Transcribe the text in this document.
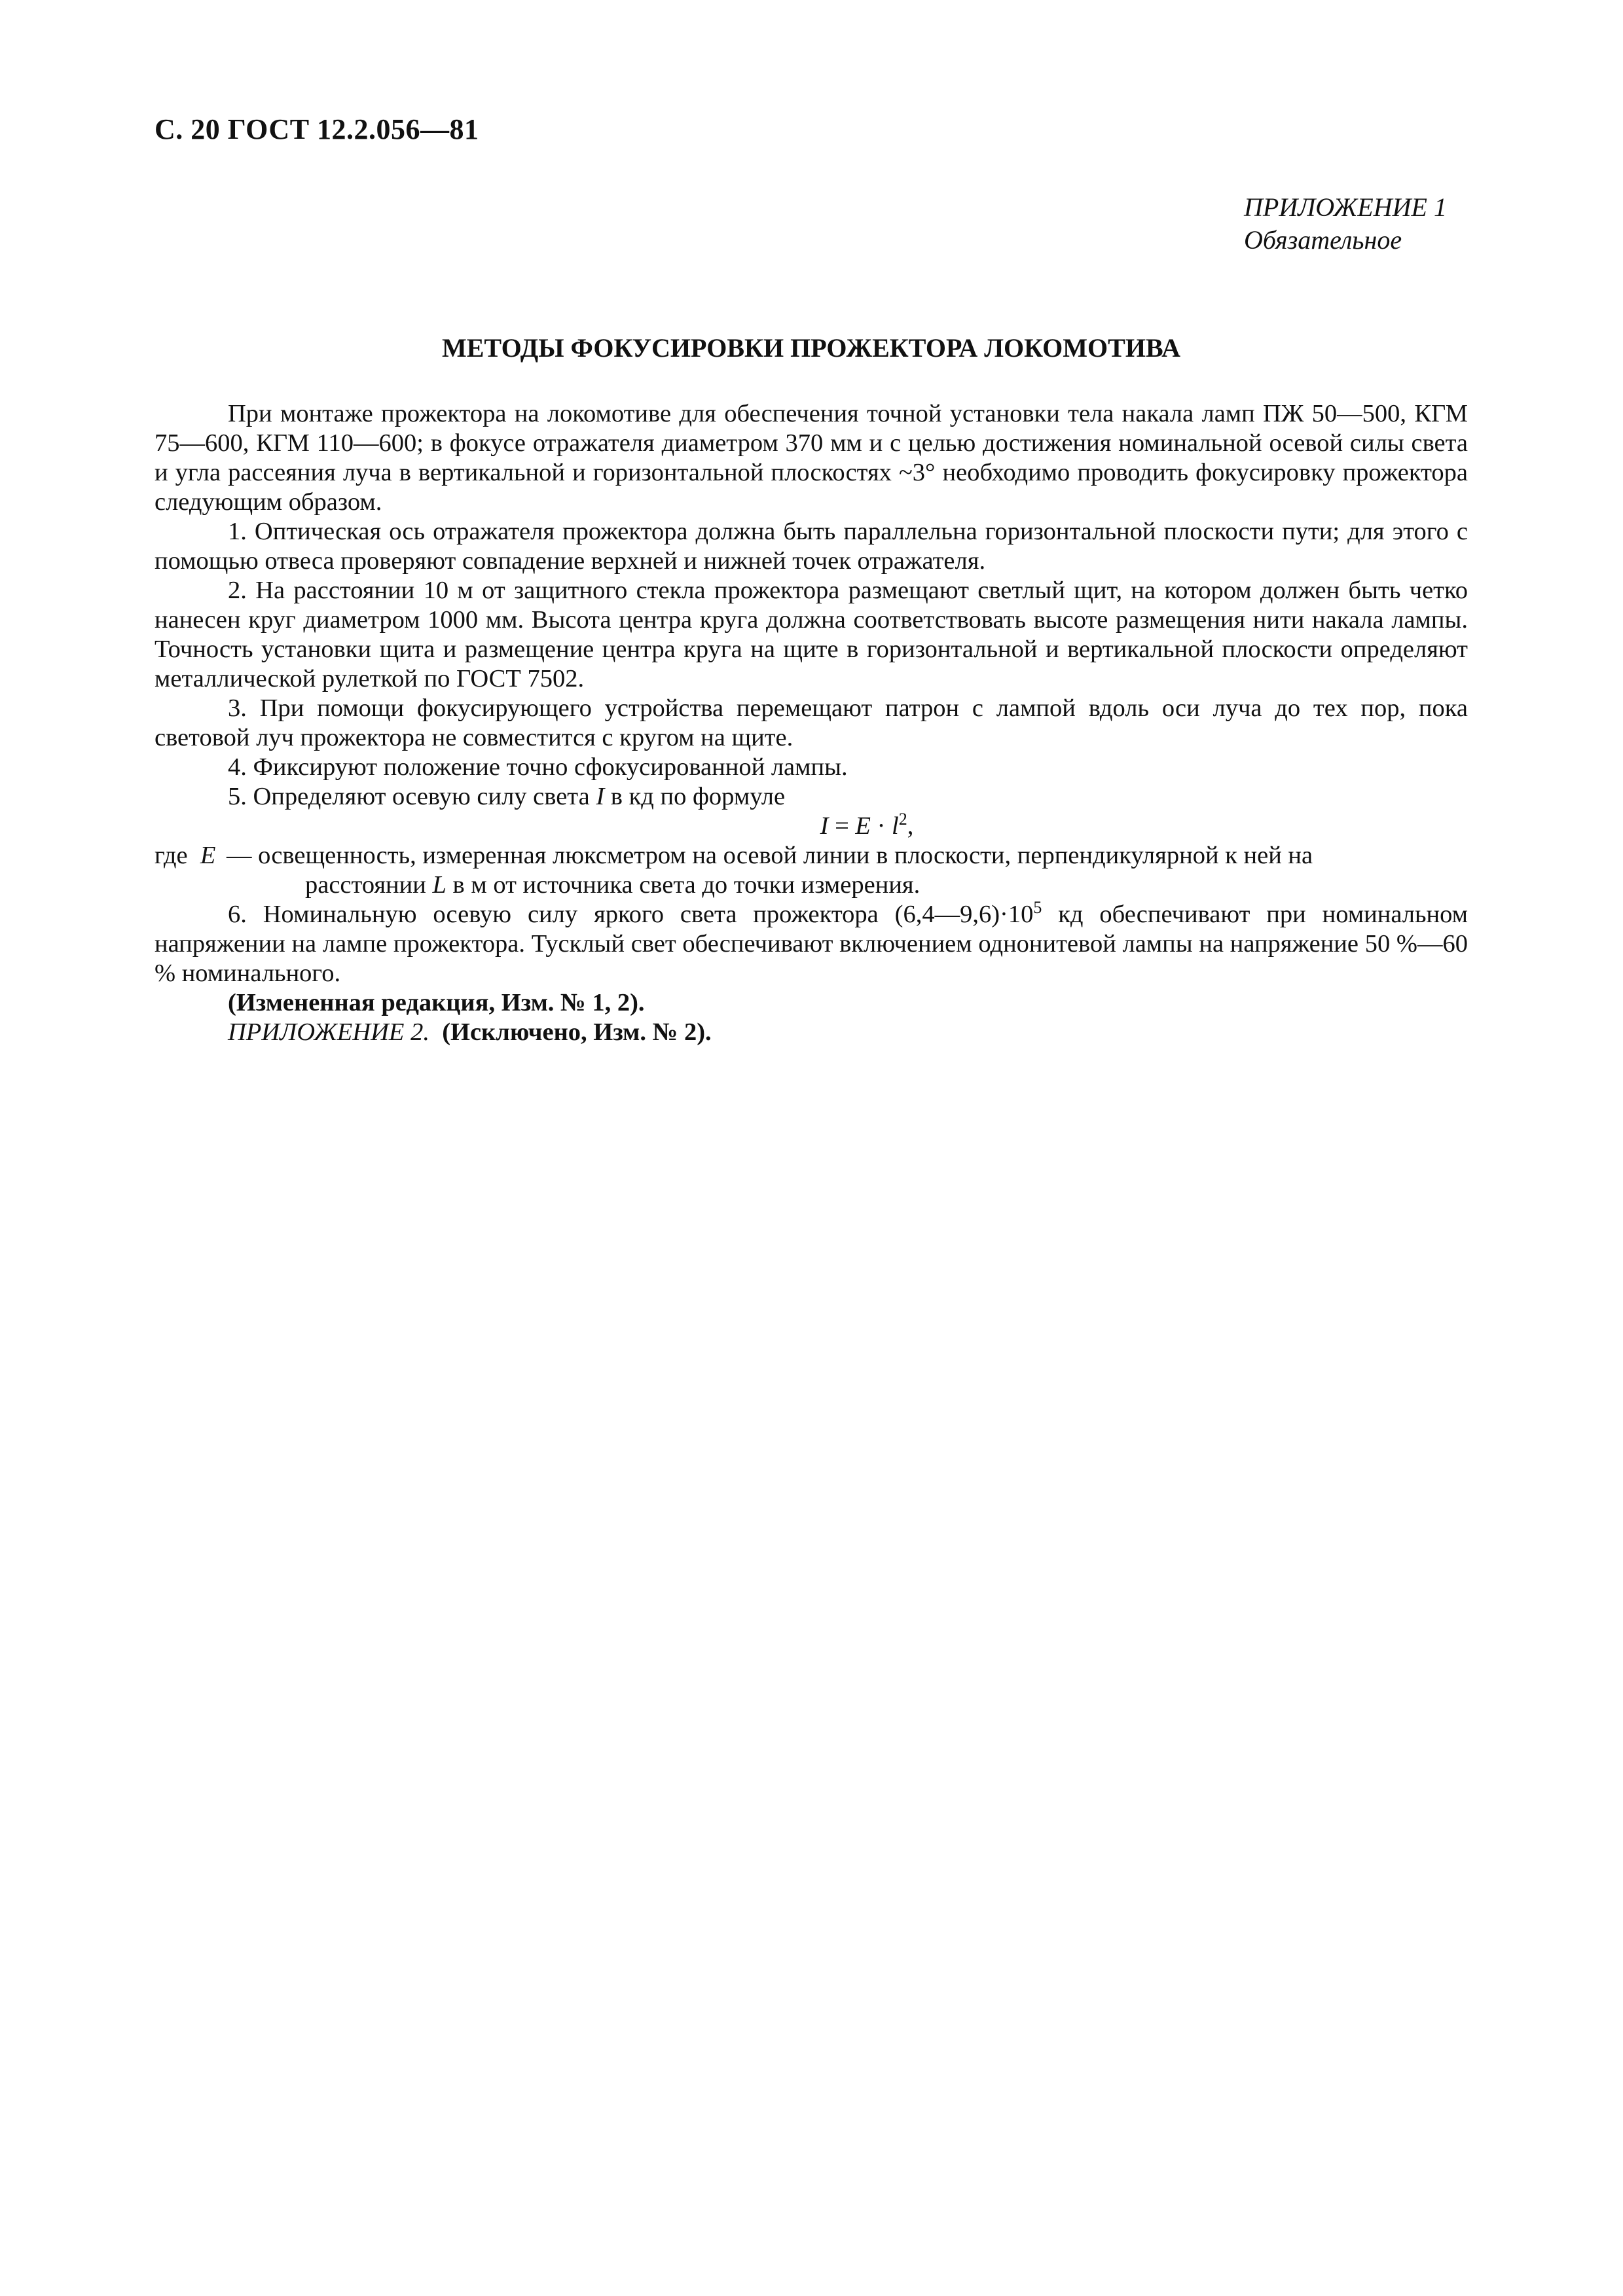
С. 20 ГОСТ 12.2.056—81
ПРИЛОЖЕНИЕ 1
Обязательное
МЕТОДЫ ФОКУСИРОВКИ ПРОЖЕКТОРА ЛОКОМОТИВА

При монтаже прожектора на локомотиве для обеспечения точной установки тела накала ламп ПЖ 50—500, КГМ 75—600, КГМ 110—600; в фокусе отражателя диаметром 370 мм и с целью достижения номинальной осевой силы света и угла рассеяния луча в вертикальной и горизонтальной плоскостях ~3° необходимо проводить фокусировку прожектора следующим образом.

1. Оптическая ось отражателя прожектора должна быть параллельна горизонтальной плоскости пути; для этого с помощью отвеса проверяют совпадение верхней и нижней точек отражателя.

2. На расстоянии 10 м от защитного стекла прожектора размещают светлый щит, на котором должен быть четко нанесен круг диаметром 1000 мм. Высота центра круга должна соответствовать высоте размещения нити накала лампы. Точность установки щита и размещение центра круга на щите в горизонтальной и вертикальной плоскости определяют металлической рулеткой по ГОСТ 7502.

3. При помощи фокусирующего устройства перемещают патрон с лампой вдоль оси луча до тех пор, пока световой луч прожектора не совместится с кругом на щите.

4. Фиксируют положение точно сфокусированной лампы.

5. Определяют осевую силу света I в кд по формуле

$I = E \cdot l^2$,

где E — освещенность, измеренная люксметром на осевой линии в плоскости, перпендикулярной к ней на
расстоянии L в м от источника света до точки измерения.

6. Номинальную осевую силу яркого света прожектора $(6,4—9,6)\cdot 10^5$ кд обеспечивают при номинальном напряжении на лампе прожектора. Тусклый свет обеспечивают включением однонитевой лампы на напряжение 50 %—60 % номинального.

(Измененная редакция, Изм. № 1, 2).

ПРИЛОЖЕНИЕ 2. (Исключено, Изм. № 2).
